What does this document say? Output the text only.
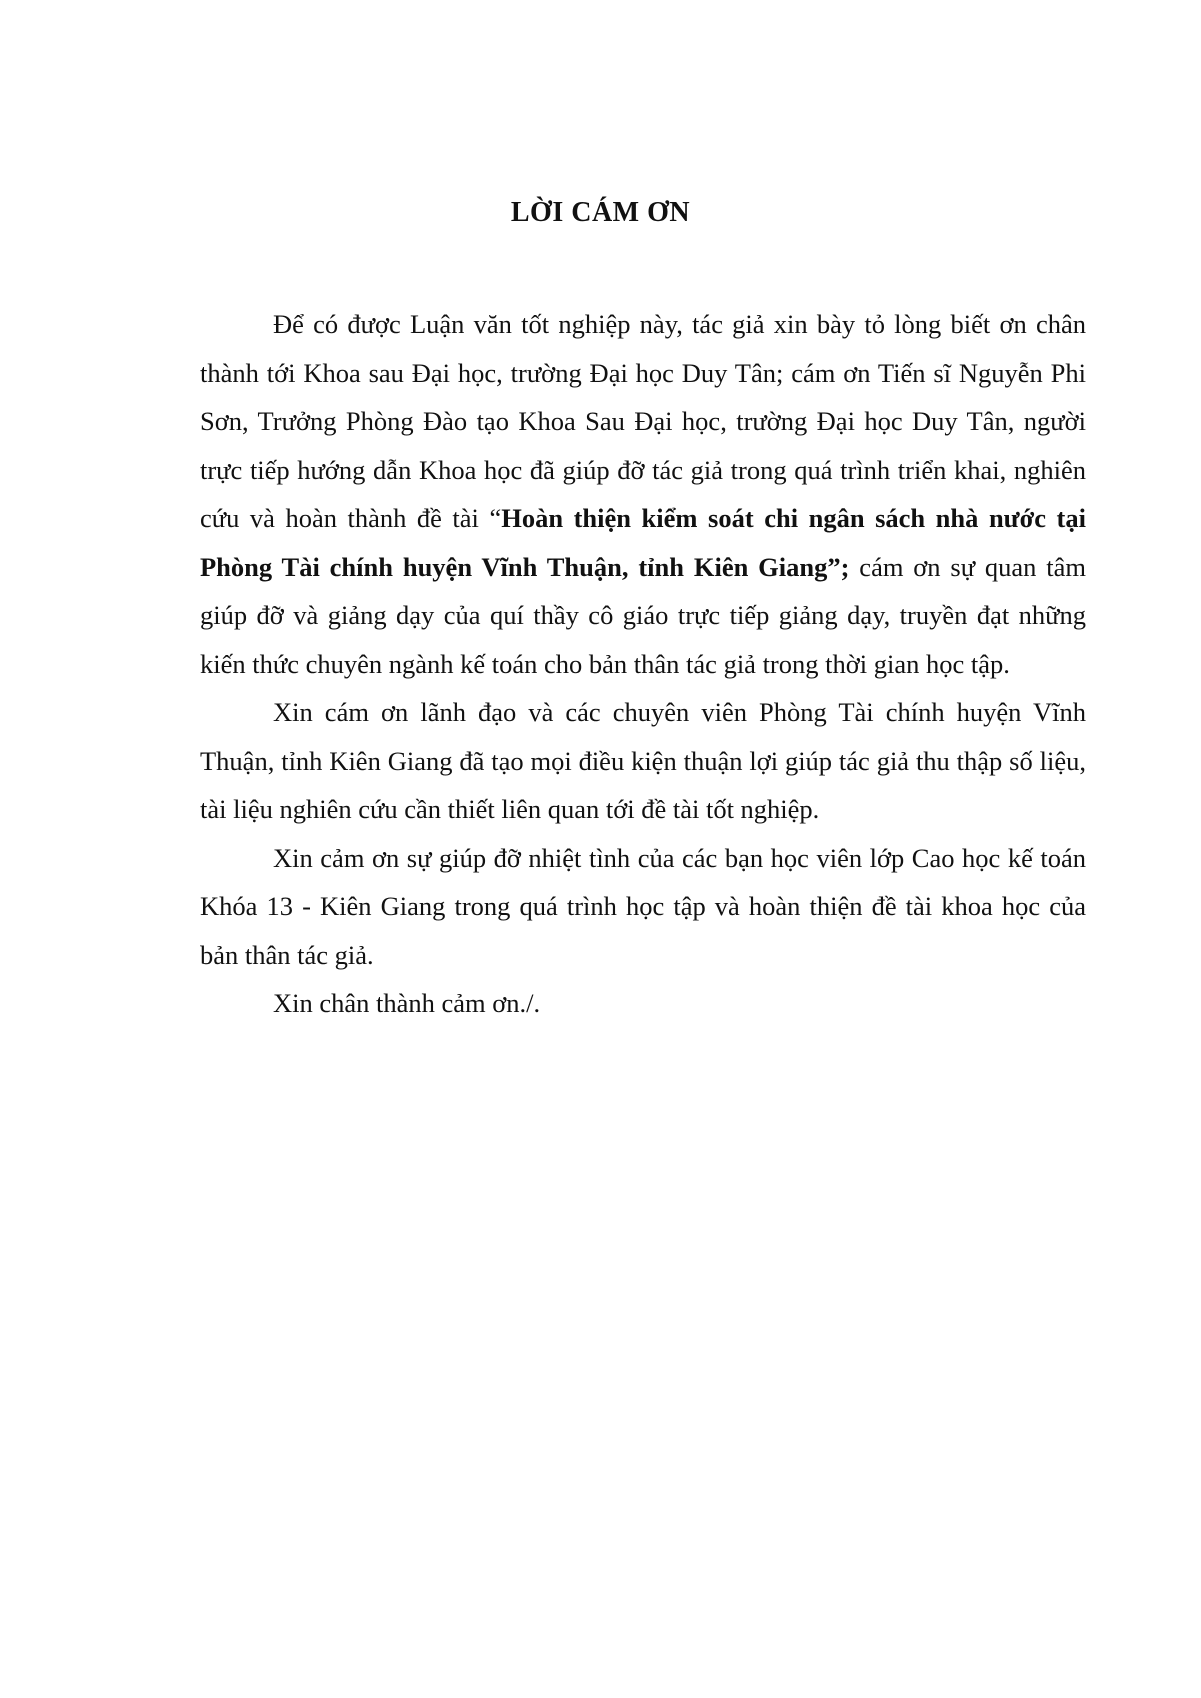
LỜI CÁM ƠN

Để có được Luận văn tốt nghiệp này, tác giả xin bày tỏ lòng biết ơn chân thành tới Khoa sau Đại học, trường Đại học Duy Tân; cám ơn Tiến sĩ Nguyễn Phi Sơn, Trưởng Phòng Đào tạo Khoa Sau Đại học, trường Đại học Duy Tân, người trực tiếp hướng dẫn Khoa học đã giúp đỡ tác giả trong quá trình triển khai, nghiên cứu và hoàn thành đề tài “Hoàn thiện kiểm soát chi ngân sách nhà nước tại Phòng Tài chính huyện Vĩnh Thuận, tỉnh Kiên Giang”; cám ơn sự quan tâm giúp đỡ và giảng dạy của quí thầy cô giáo trực tiếp giảng dạy, truyền đạt những kiến thức chuyên ngành kế toán cho bản thân tác giả trong thời gian học tập.

Xin cám ơn lãnh đạo và các chuyên viên Phòng Tài chính huyện Vĩnh Thuận, tỉnh Kiên Giang đã tạo mọi điều kiện thuận lợi giúp tác giả thu thập số liệu, tài liệu nghiên cứu cần thiết liên quan tới đề tài tốt nghiệp.

Xin cảm ơn sự giúp đỡ nhiệt tình của các bạn học viên lớp Cao học kế toán Khóa 13 - Kiên Giang trong quá trình học tập và hoàn thiện đề tài khoa học của bản thân tác giả.

Xin chân thành cảm ơn./.
